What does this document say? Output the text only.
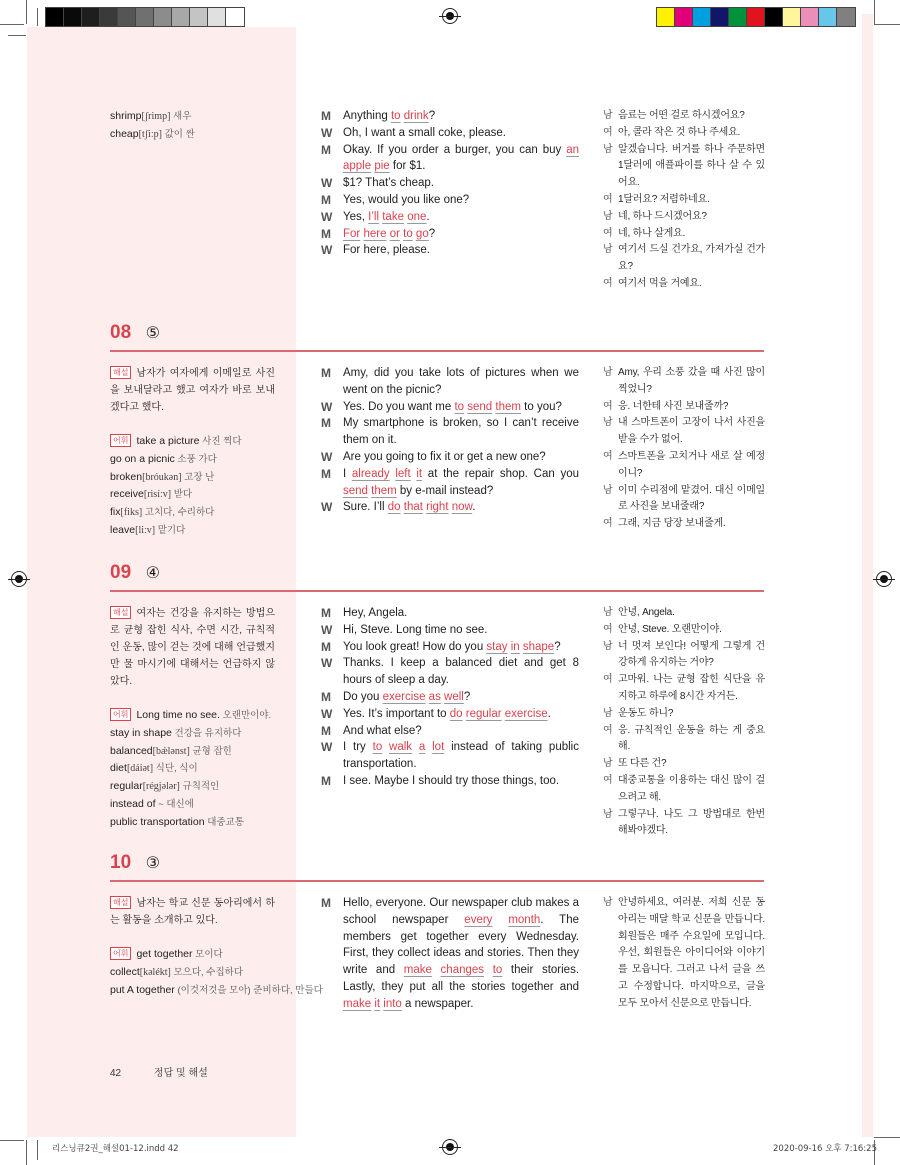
shrimp[ʃrimp] 새우
cheap[tʃiːp] 값이 싼
M	Anything to drink?
W Oh, I want a small coke, please.
M	Okay. If you order a burger, you can buy an apple pie for $1.
W $1? That’s cheap.
M	Yes, would you like one?
W Yes, I’ll take one.
M	For here or to go?
W For here, please.
남 음료는 어떤 걸로 하시겠어요?
여 아, 콜라 작은 것 하나 주세요.
남 알겠습니다. 버거를 하나 주문하면 1달러에 애플파이를 하나 살 수 있어요.
여 1달러요? 저렴하네요.
남 네, 하나 드시겠어요?
여 네, 하나 살게요.
남 여기서 드실 건가요, 가져가실 건가요?
여 여기서 먹을 거예요.
08 ⑤
해설 남자가 여자에게 이메일로 사진을 보내달라고 했고 여자가 바로 보내겠다고 했다.
어휘 take a picture 사진 찍다
go on a picnic 소풍 가다
broken[bróukən] 고장 난
receive[risíːv] 받다
fix[fiks] 고치다, 수리하다
leave[liːv] 맡기다
M	Amy, did you take lots of pictures when we went on the picnic?
W Yes. Do you want me to send them to you?
M	My smartphone is broken, so I can’t receive them on it.
W Are you going to fix it or get a new one?
M	I already left it at the repair shop. Can you send them by e-mail instead?
W Sure. I’ll do that right now.
남 Amy, 우리 소풍 갔을 때 사진 많이 찍었니?
여 응. 너한테 사진 보내줄까?
남 내 스마트폰이 고장이 나서 사진을 받을 수가 없어.
여 스마트폰을 고치거나 새로 살 예정이니?
남 이미 수리점에 맡겼어. 대신 이메일로 사진을 보내줄래?
여 그래, 지금 당장 보내줄게.
09 ④
해설 여자는 건강을 유지하는 방법으로 균형 잡힌 식사, 수면 시간, 규칙적인 운동, 많이 걷는 것에 대해 언급했지만 물 마시기에 대해서는 언급하지 않았다.
어휘 Long time no see. 오랜만이야.
stay in shape 건강을 유지하다
balanced[bǽlənst] 균형 잡힌
diet[dáiət] 식단, 식이
regular[régjələr] 규칙적인
instead of ~ 대신에
public transportation 대중교통
M	Hey, Angela.
W Hi, Steve. Long time no see.
M	You look great! How do you stay in shape?
W Thanks. I keep a balanced diet and get 8 hours of sleep a day.
M	Do you exercise as well?
W Yes. It’s important to do regular exercise.
M	And what else?
W I try to walk a lot instead of taking public transportation.
M	I see. Maybe I should try those things, too.
남 안녕, Angela.
여 안녕, Steve. 오랜만이야.
남 너 멋져 보인다! 어떻게 그렇게 건강하게 유지하는 거야?
여 고마워. 나는 균형 잡힌 식단을 유지하고 하루에 8시간 자거든.
남 운동도 하니?
여 응. 규칙적인 운동을 하는 게 중요해.
남 또 다른 건?
여 대중교통을 이용하는 대신 많이 걸으려고 해.
남 그렇구나. 나도 그 방법대로 한번 해봐야겠다.
10 ③
해설 남자는 학교 신문 동아리에서 하는 활동을 소개하고 있다.
어휘 get together 모이다
collect[kəlékt] 모으다, 수집하다
put A together (이것저것을 모아) 준비하다, 만들다
M	Hello, everyone. Our newspaper club makes a school newspaper every month. The members get together every Wednesday. First, they collect ideas and stories. Then they write and make changes to their stories. Lastly, they put all the stories together and make it into a newspaper.
남 안녕하세요, 여러분. 저희 신문 동아리는 매달 학교 신문을 만듭니다. 회원들은 매주 수요일에 모입니다. 우선, 회원들은 아이디어와 이야기를 모읍니다. 그러고 나서 글을 쓰고 수정합니다. 마지막으로, 글을 모두 모아서 신문으로 만듭니다.
42	정답 및 해설
리스닝큐2권_해설01-12.indd 42	2020-09-16 오후 7:16:25
